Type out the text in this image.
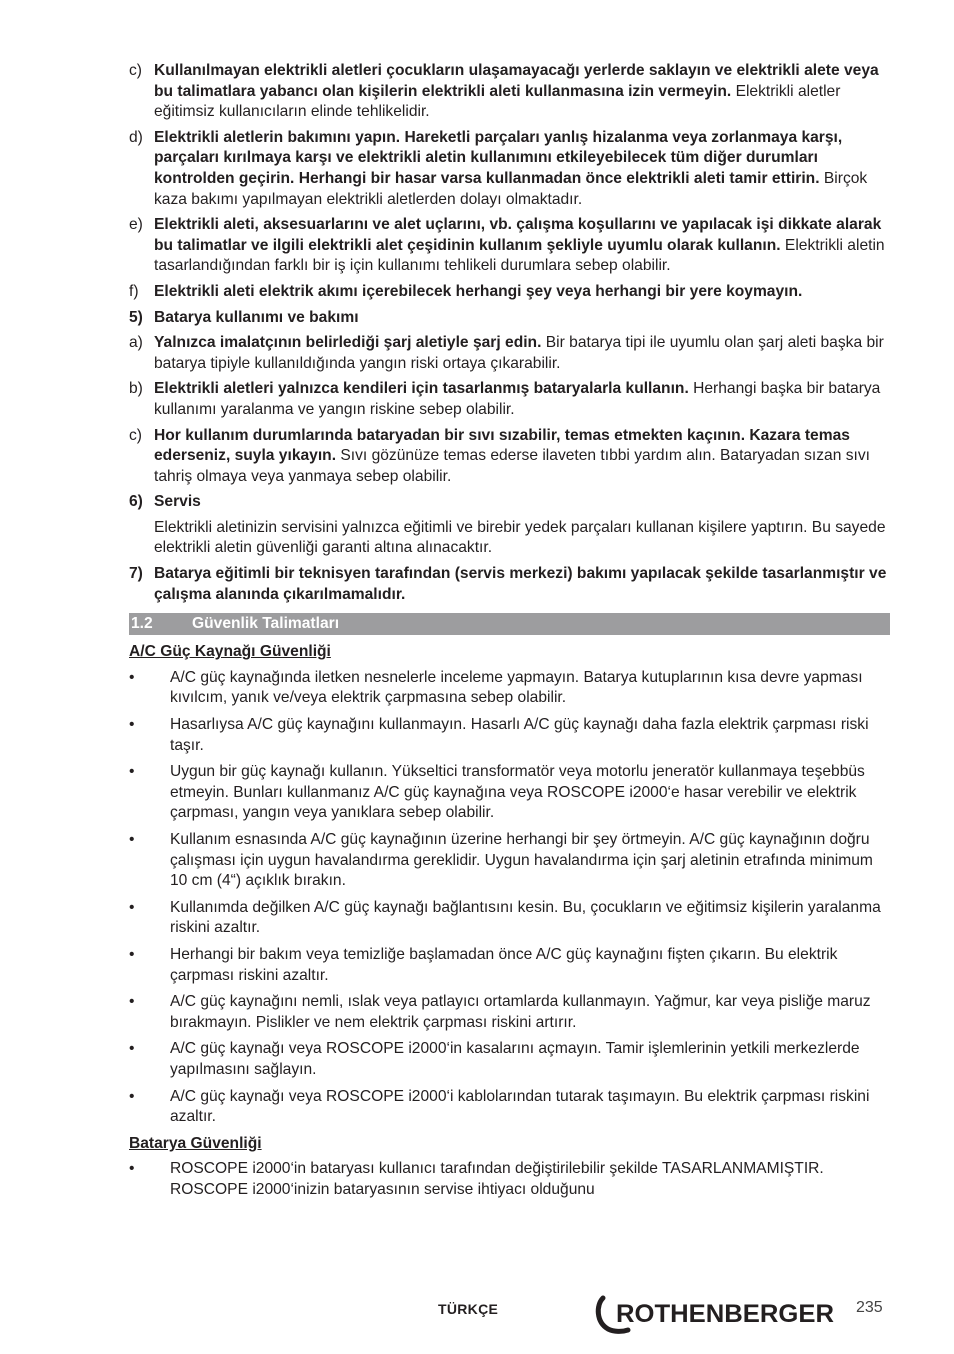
c) Kullanılmayan elektrikli aletleri çocukların ulaşamayacağı yerlerde saklayın ve elektrikli alete veya bu talimatlara yabancı olan kişilerin elektrikli aleti kullanmasına izin vermeyin. Elektrikli aletler eğitimsiz kullanıcıların elinde tehlikelidir.
d) Elektrikli aletlerin bakımını yapın. Hareketli parçaları yanlış hizalanma veya zorlanmaya karşı, parçaları kırılmaya karşı ve elektrikli aletin kullanımını etkileyebilecek tüm diğer durumları kontrolden geçirin. Herhangi bir hasar varsa kullanmadan önce elektrikli aleti tamir ettirin. Birçok kaza bakımı yapılmayan elektrikli aletlerden dolayı olmaktadır.
e) Elektrikli aleti, aksesuarlarını ve alet uçlarını, vb. çalışma koşullarını ve yapılacak işi dikkate alarak bu talimatlar ve ilgili elektrikli alet çeşidinin kullanım şekliyle uyumlu olarak kullanın. Elektrikli aletin tasarlandığından farklı bir iş için kullanımı tehlikeli durumlara sebep olabilir.
f) Elektrikli aleti elektrik akımı içerebilecek herhangi şey veya herhangi bir yere koymayın.
5) Batarya kullanımı ve bakımı
a) Yalnızca imalatçının belirlediği şarj aletiyle şarj edin. Bir batarya tipi ile uyumlu olan şarj aleti başka bir batarya tipiyle kullanıldığında yangın riski ortaya çıkarabilir.
b) Elektrikli aletleri yalnızca kendileri için tasarlanmış bataryalarla kullanın. Herhangi başka bir batarya kullanımı yaralanma ve yangın riskine sebep olabilir.
c) Hor kullanım durumlarında bataryadan bir sıvı sızabilir, temas etmekten kaçının. Kazara temas ederseniz, suyla yıkayın. Sıvı gözünüze temas ederse ilaveten tıbbi yardım alın. Bataryadan sızan sıvı tahriş olmaya veya yanmaya sebep olabilir.
6) Servis
Elektrikli aletinizin servisini yalnızca eğitimli ve birebir yedek parçaları kullanan kişilere yaptırın. Bu sayede elektrikli aletin güvenliği garanti altına alınacaktır.
7) Batarya eğitimli bir teknisyen tarafından (servis merkezi) bakımı yapılacak şekilde tasarlanmıştır ve çalışma alanında çıkarılmamalıdır.
1.2	Güvenlik Talimatları
A/C Güç Kaynağı Güvenliği
• A/C güç kaynağında iletken nesnelerle inceleme yapmayın. Batarya kutuplarının kısa devre yapması kıvılcım, yanık ve/veya elektrik çarpmasına sebep olabilir.
• Hasarlıysa A/C güç kaynağını kullanmayın. Hasarlı A/C güç kaynağı daha fazla elektrik çarpması riski taşır.
• Uygun bir güç kaynağı kullanın. Yükseltici transformatör veya motorlu jeneratör kullanmaya teşebbüs etmeyin. Bunları kullanmanız A/C güç kaynağına veya ROSCOPE i2000‘e hasar verebilir ve elektrik çarpması, yangın veya yanıklara sebep olabilir.
• Kullanım esnasında A/C güç kaynağının üzerine herhangi bir şey örtmeyin. A/C güç kaynağının doğru çalışması için uygun havalandırma gereklidir. Uygun havalandırma için şarj aletinin etrafında minimum 10 cm (4“) açıklık bırakın.
• Kullanımda değilken A/C güç kaynağı bağlantısını kesin. Bu, çocukların ve eğitimsiz kişilerin yaralanma riskini azaltır.
• Herhangi bir bakım veya temizliğe başlamadan önce A/C güç kaynağını fişten çıkarın. Bu elektrik çarpması riskini azaltır.
• A/C güç kaynağını nemli, ıslak veya patlayıcı ortamlarda kullanmayın. Yağmur, kar veya pisliğe maruz bırakmayın. Pislikler ve nem elektrik çarpması riskini artırır.
• A/C güç kaynağı veya ROSCOPE i2000‘in kasalarını açmayın. Tamir işlemlerinin yetkili merkezlerde yapılmasını sağlayın.
• A/C güç kaynağı veya ROSCOPE i2000‘i kablolarından tutarak taşımayın. Bu elektrik çarpması riskini azaltır.
Batarya Güvenliği
• ROSCOPE i2000‘in bataryası kullanıcı tarafından değiştirilebilir şekilde TASARLANMAMIŞTIR. ROSCOPE i2000‘inizin bataryasının servise ihtiyacı olduğunu
TÜRKÇE	ROTHENBERGER 235
